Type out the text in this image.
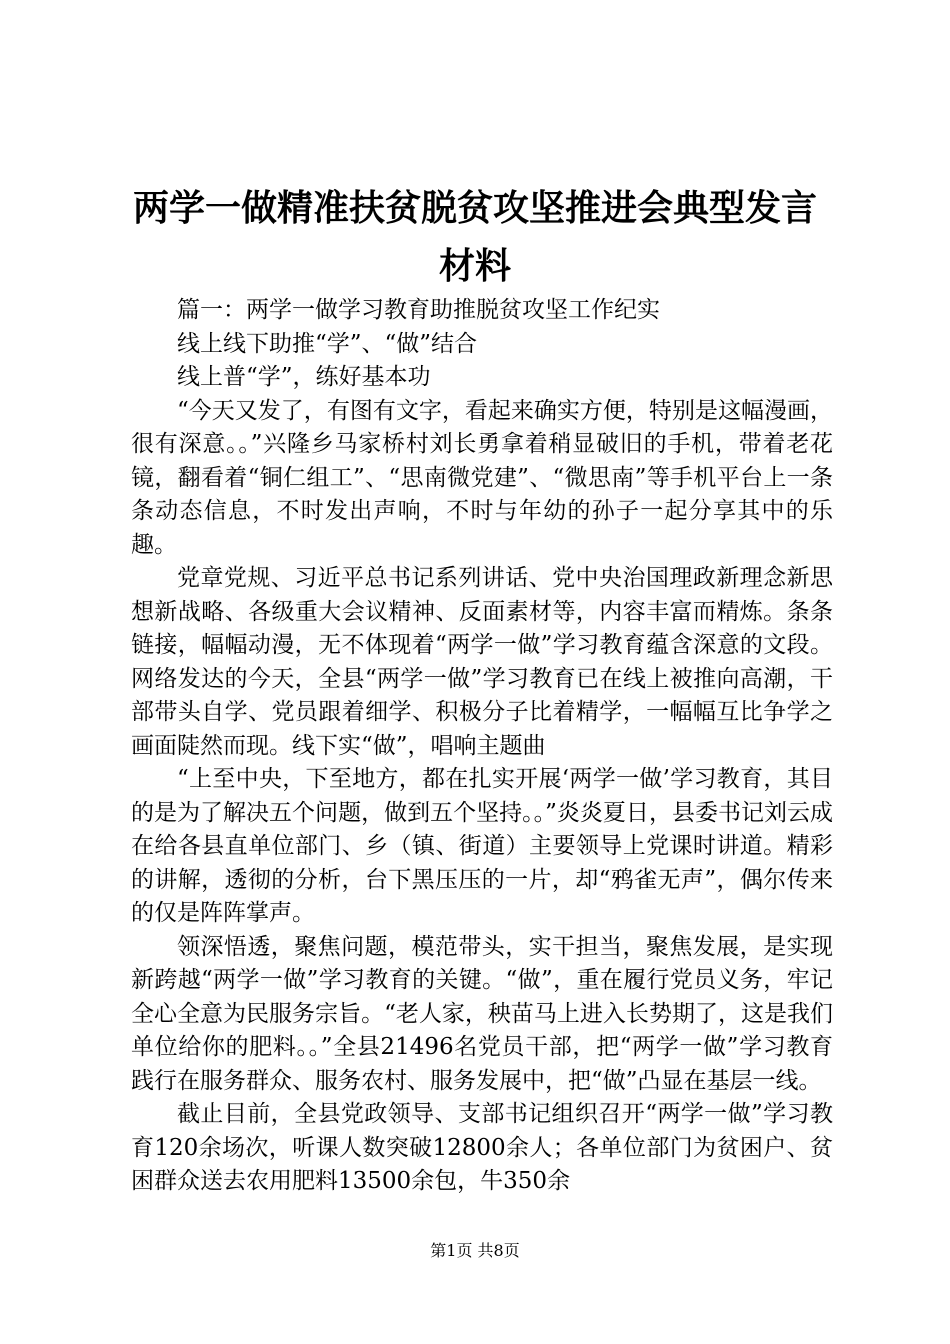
两学一做精准扶贫脱贫攻坚推进会典型发言材料

篇一：两学一做学习教育助推脱贫攻坚工作纪实

线上线下助推“学”、“做”结合

线上普“学”，练好基本功

“今天又发了，有图有文字，看起来确实方便，特别是这幅漫画，很有深意。。”兴隆乡马家桥村刘长勇拿着稍显破旧的手机，带着老花镜，翻看着“铜仁组工”、“思南微党建”、“微思南”等手机平台上一条条动态信息，不时发出声响，不时与年幼的孙子一起分享其中的乐趣。

党章党规、习近平总书记系列讲话、党中央治国理政新理念新思想新战略、各级重大会议精神、反面素材等，内容丰富而精炼。条条链接，幅幅动漫，无不体现着“两学一做”学习教育蕴含深意的文段。网络发达的今天，全县“两学一做”学习教育已在线上被推向高潮，干部带头自学、党员跟着细学、积极分子比着精学，一幅幅互比争学之画面陡然而现。线下实“做”，唱响主题曲

“上至中央，下至地方，都在扎实开展‘两学一做’学习教育，其目的是为了解决五个问题，做到五个坚持。。”炎炎夏日，县委书记刘云成在给各县直单位部门、乡（镇、街道）主要领导上党课时讲道。精彩的讲解，透彻的分析，台下黑压压的一片，却“鸦雀无声”，偶尔传来的仅是阵阵掌声。

领深悟透，聚焦问题，模范带头，实干担当，聚焦发展，是实现新跨越“两学一做”学习教育的关键。“做”，重在履行党员义务，牢记全心全意为民服务宗旨。“老人家，秧苗马上进入长势期了，这是我们单位给你的肥料。。”全县21496名党员干部，把“两学一做”学习教育践行在服务群众、服务农村、服务发展中，把“做”凸显在基层一线。

截止目前，全县党政领导、支部书记组织召开“两学一做”学习教育120余场次，听课人数突破12800余人；各单位部门为贫困户、贫困群众送去农用肥料13500余包，牛350余

第1页 共8页
